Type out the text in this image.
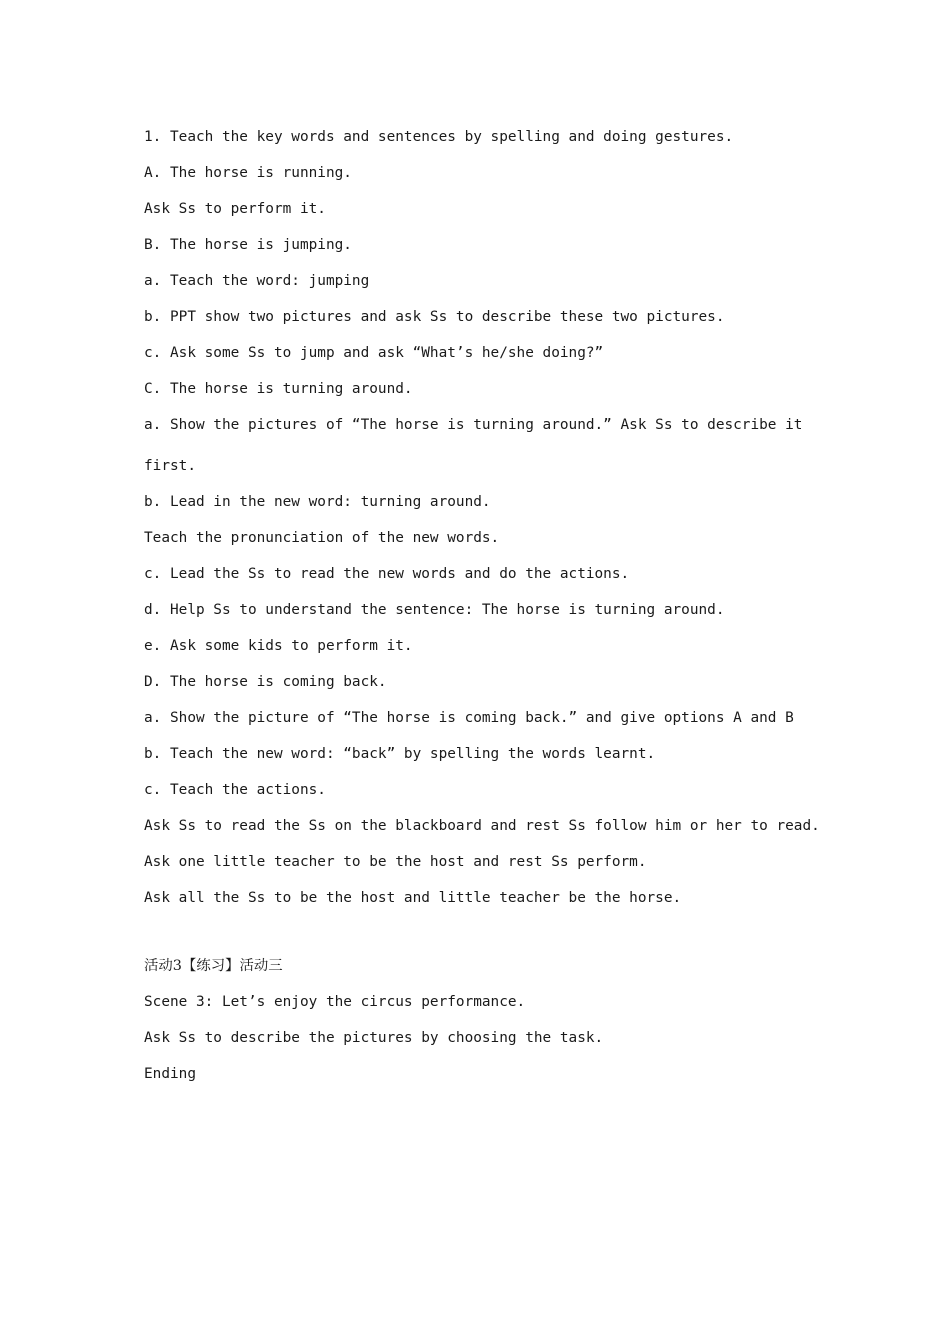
1. Teach the key words and sentences by spelling and doing gestures.
A. The horse is running.
Ask Ss to perform it.
B. The horse is jumping.
a. Teach the word: jumping
b. PPT show two pictures and ask Ss to describe these two pictures.
c. Ask some Ss to jump and ask “What’s he/she doing?”
C. The horse is turning around.
a. Show the pictures of “The horse is turning around.” Ask Ss to describe it
first.
b. Lead in the new word: turning around.
Teach the pronunciation of the new words.
c. Lead the Ss to read the new words and do the actions.
d. Help Ss to understand the sentence: The horse is turning around.
e. Ask some kids to perform it.
D. The horse is coming back.
a. Show the picture of “The horse is coming back.” and give options A and B
b. Teach the new word: “back” by spelling the words learnt.
c. Teach the actions.
Ask Ss to read the Ss on the blackboard and rest Ss follow him or her to read.
Ask one little teacher to be the host and rest Ss perform.
Ask all the Ss to be the host and little teacher be the horse.
活动3【练习】活动三
Scene 3: Let’s enjoy the circus performance.
Ask Ss to describe the pictures by choosing the task.
Ending
